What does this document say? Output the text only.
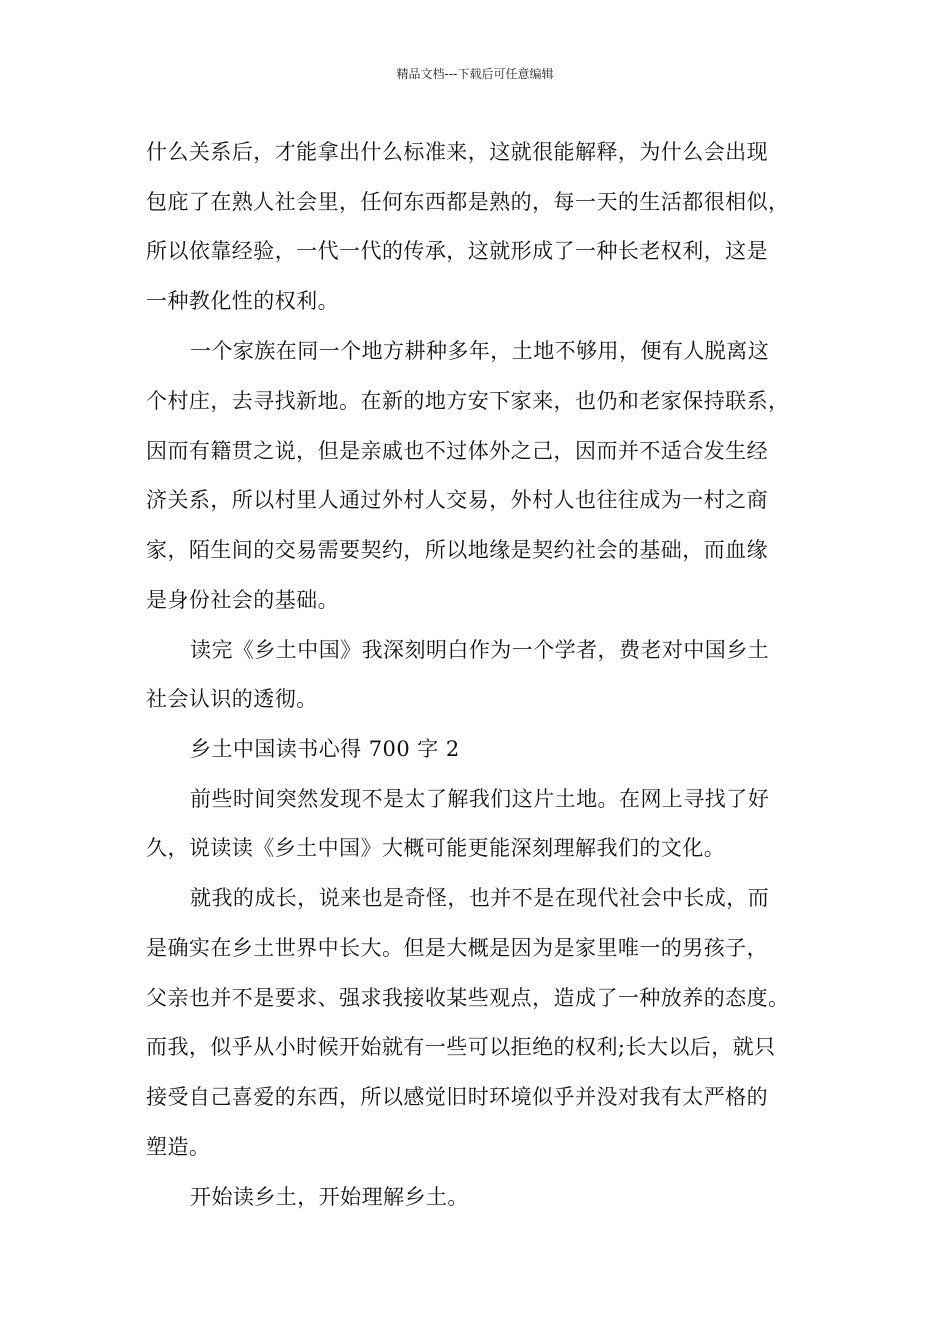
精品文档---下载后可任意编辑
什么关系后，才能拿出什么标准来，这就很能解释，为什么会出现
包庇了在熟人社会里，任何东西都是熟的，每一天的生活都很相似，
所以依靠经验，一代一代的传承，这就形成了一种长老权利，这是
一种教化性的权利。
一个家族在同一个地方耕种多年，土地不够用，便有人脱离这
个村庄，去寻找新地。在新的地方安下家来，也仍和老家保持联系，
因而有籍贯之说，但是亲戚也不过体外之己，因而并不适合发生经
济关系，所以村里人通过外村人交易，外村人也往往成为一村之商
家，陌生间的交易需要契约，所以地缘是契约社会的基础，而血缘
是身份社会的基础。
读完《乡土中国》我深刻明白作为一个学者，费老对中国乡土
社会认识的透彻。
乡土中国读书心得 700 字 2
前些时间突然发现不是太了解我们这片土地。在网上寻找了好
久，说读读《乡土中国》大概可能更能深刻理解我们的文化。
就我的成长，说来也是奇怪，也并不是在现代社会中长成，而
是确实在乡土世界中长大。但是大概是因为是家里唯一的男孩子，
父亲也并不是要求、强求我接收某些观点，造成了一种放养的态度。
而我，似乎从小时候开始就有一些可以拒绝的权利;长大以后，就只
接受自己喜爱的东西，所以感觉旧时环境似乎并没对我有太严格的
塑造。
开始读乡土，开始理解乡土。
